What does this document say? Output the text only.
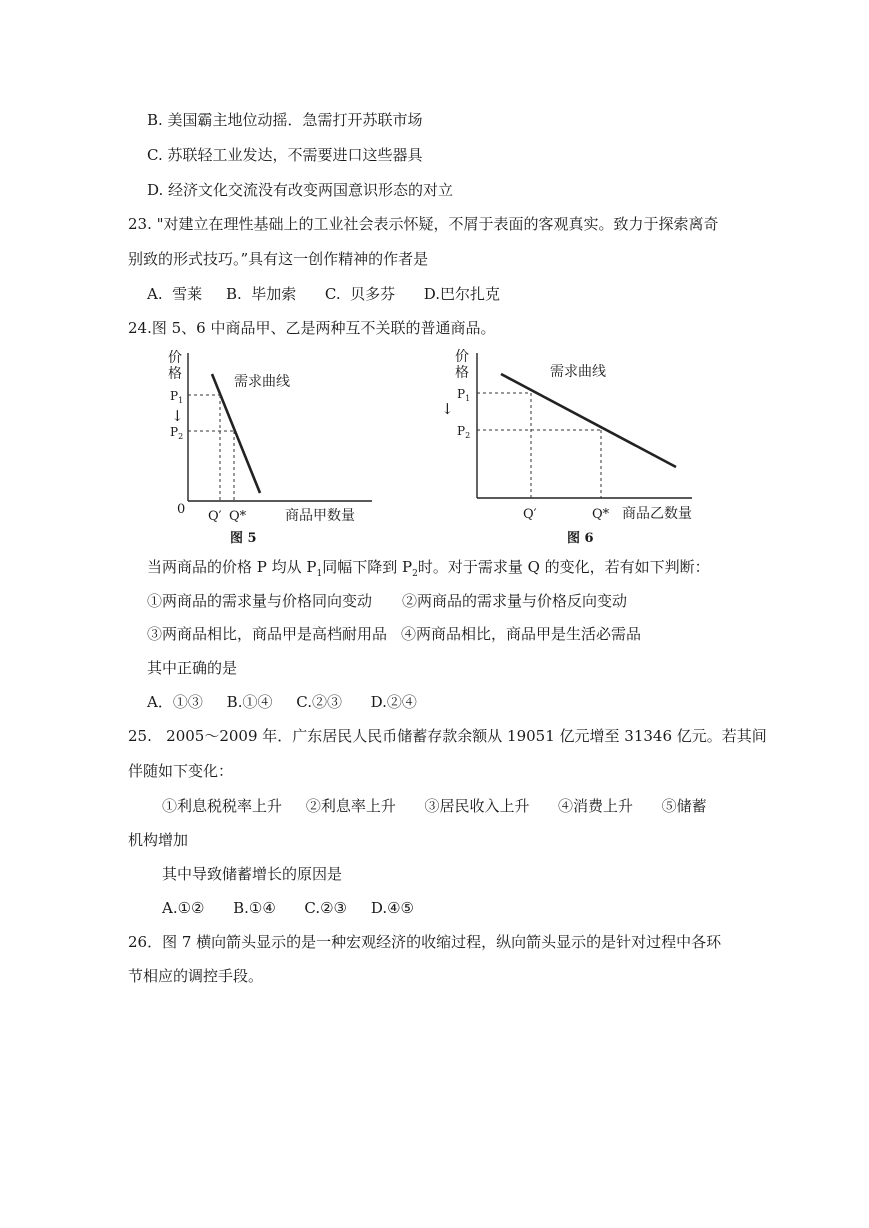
B. 美国霸主地位动摇．急需打开苏联市场
C. 苏联轻工业发达，不需要进口这些器具
D. 经济文化交流没有改变两国意识形态的对立
23. "对建立在理性基础上的工业社会表示怀疑，不屑于表面的客观真实。致力于探索离奇
别致的形式技巧。”具有这一创作精神的作者是
A.  雪莱     B.  毕加索      C.  贝多芬      D.巴尔扎克
24.图 5、6 中商品甲、乙是两种互不关联的普通商品。
价
格	需求曲线
$P_1$
↓
$P_2$
0 Q′ Q*	商品甲数量
图 5
价
格	需求曲线
$P_1$
↓
$P_2$
Q′	Q* 商品乙数量
图 6
当两商品的价格 P 均从 $P_1$同幅下降到 $P_2$时。对于需求量 Q 的变化，若有如下判断：
①两商品的需求量与价格同向变动 ②两商品的需求量与价格反向变动
③两商品相比，商品甲是高档耐用品 ④两商品相比，商品甲是生活必需品
其中正确的是
A．①③     B.①④     C.②③      D.②④
25.   2005～2009 年．广东居民人民币储蓄存款余额从 19051 亿元增至 31346 亿元。若其间
伴随如下变化：
①利息税税率上升     ②利息率上升      ③居民收入上升      ④消费上升      ⑤储蓄
机构增加
其中导致储蓄增长的原因是
A.①②      B.①④      C.②③     D.④⑤
26．图 7 横向箭头显示的是一种宏观经济的收缩过程，纵向箭头显示的是针对过程中各环
节相应的调控手段。
